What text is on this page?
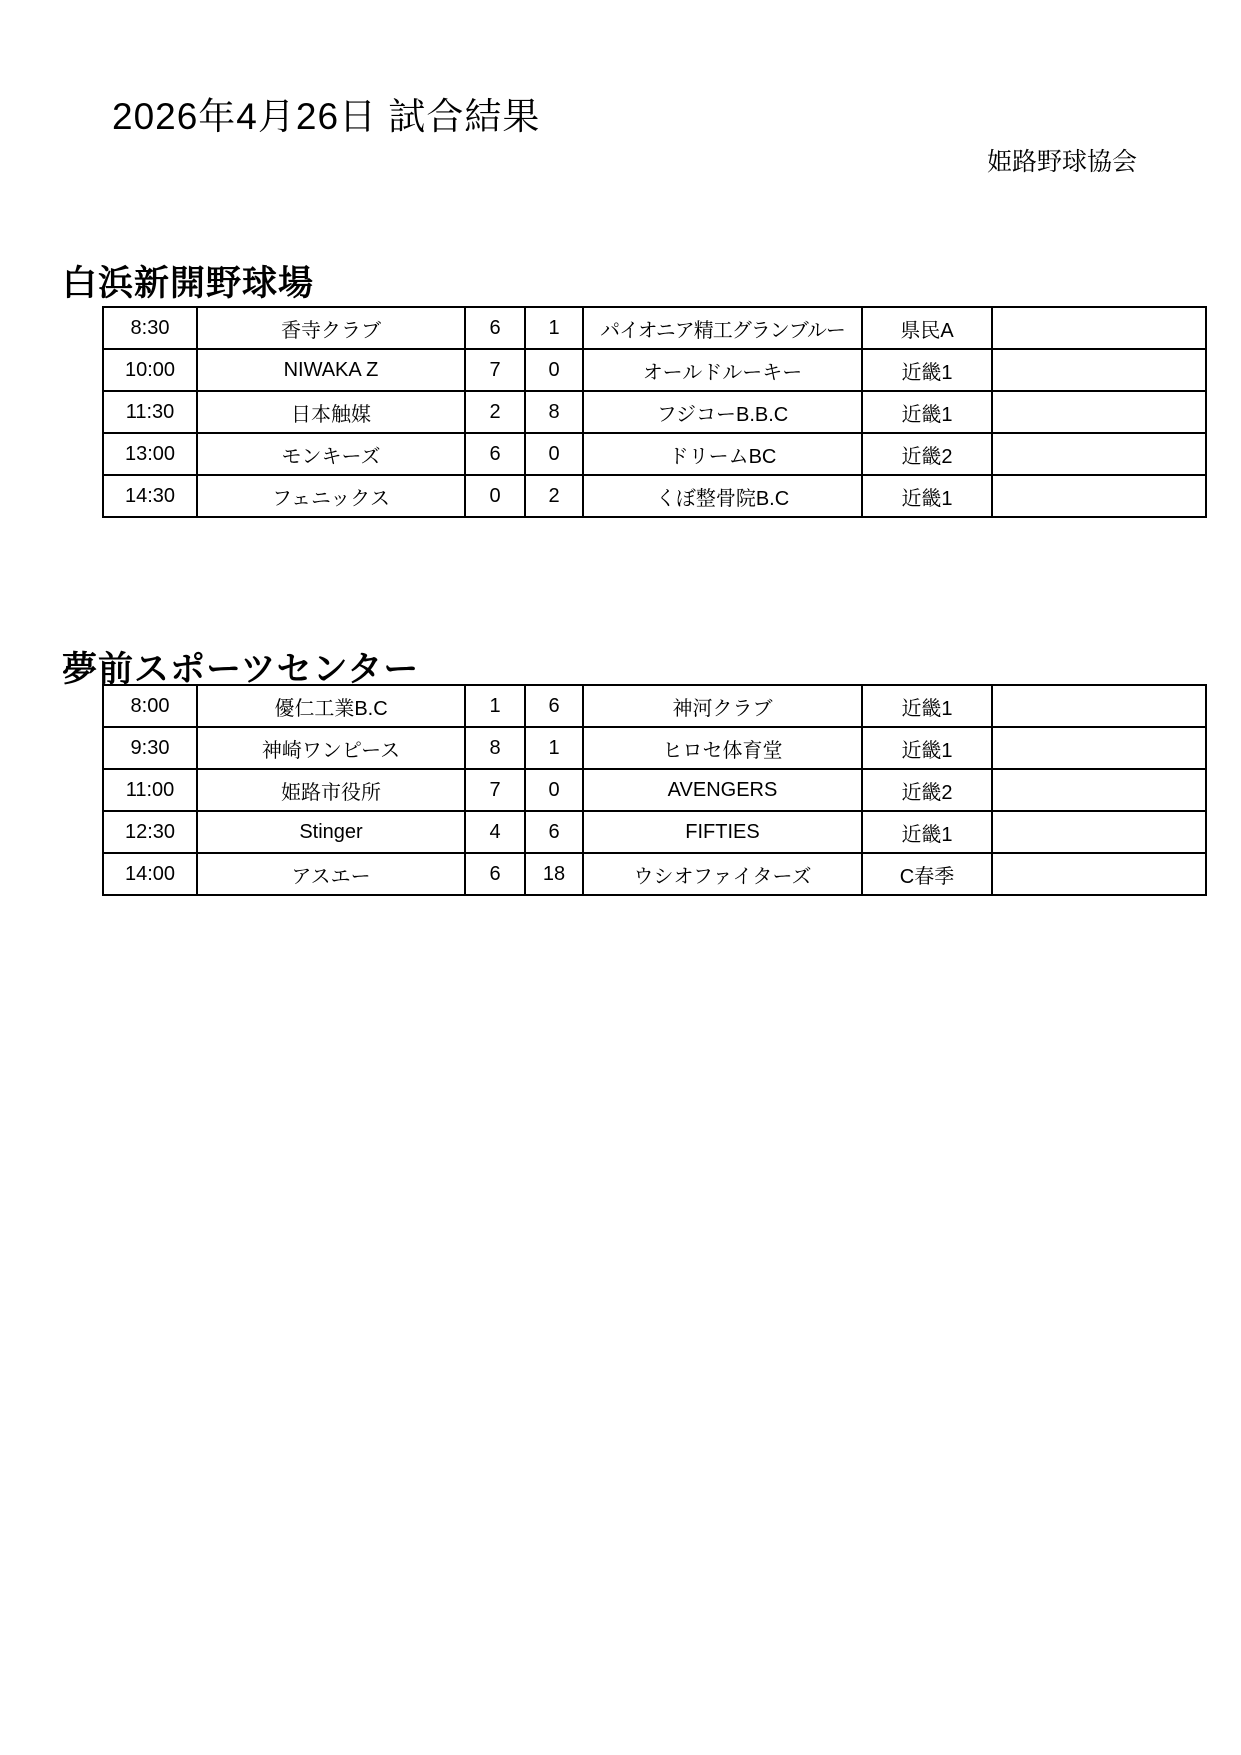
2026年4月26日 試合結果
姫路野球協会
白浜新開野球場
8:30	香寺クラブ	6	1	パイオニア精工グランブルー	県民A	
10:00	NIWAKA Z	7	0	オールドルーキー	近畿1	
11:30	日本触媒	2	8	フジコーB.B.C	近畿1	
13:00	モンキーズ	6	0	ドリームBC	近畿2	
14:30	フェニックス	0	2	くぼ整骨院B.C	近畿1	
夢前スポーツセンター
8:00	優仁工業B.C	1	6	神河クラブ	近畿1	
9:30	神崎ワンピース	8	1	ヒロセ体育堂	近畿1	
11:00	姫路市役所	7	0	AVENGERS	近畿2	
12:30	Stinger	4	6	FIFTIES	近畿1	
14:00	アスエー	6	18	ウシオファイターズ	C春季	
